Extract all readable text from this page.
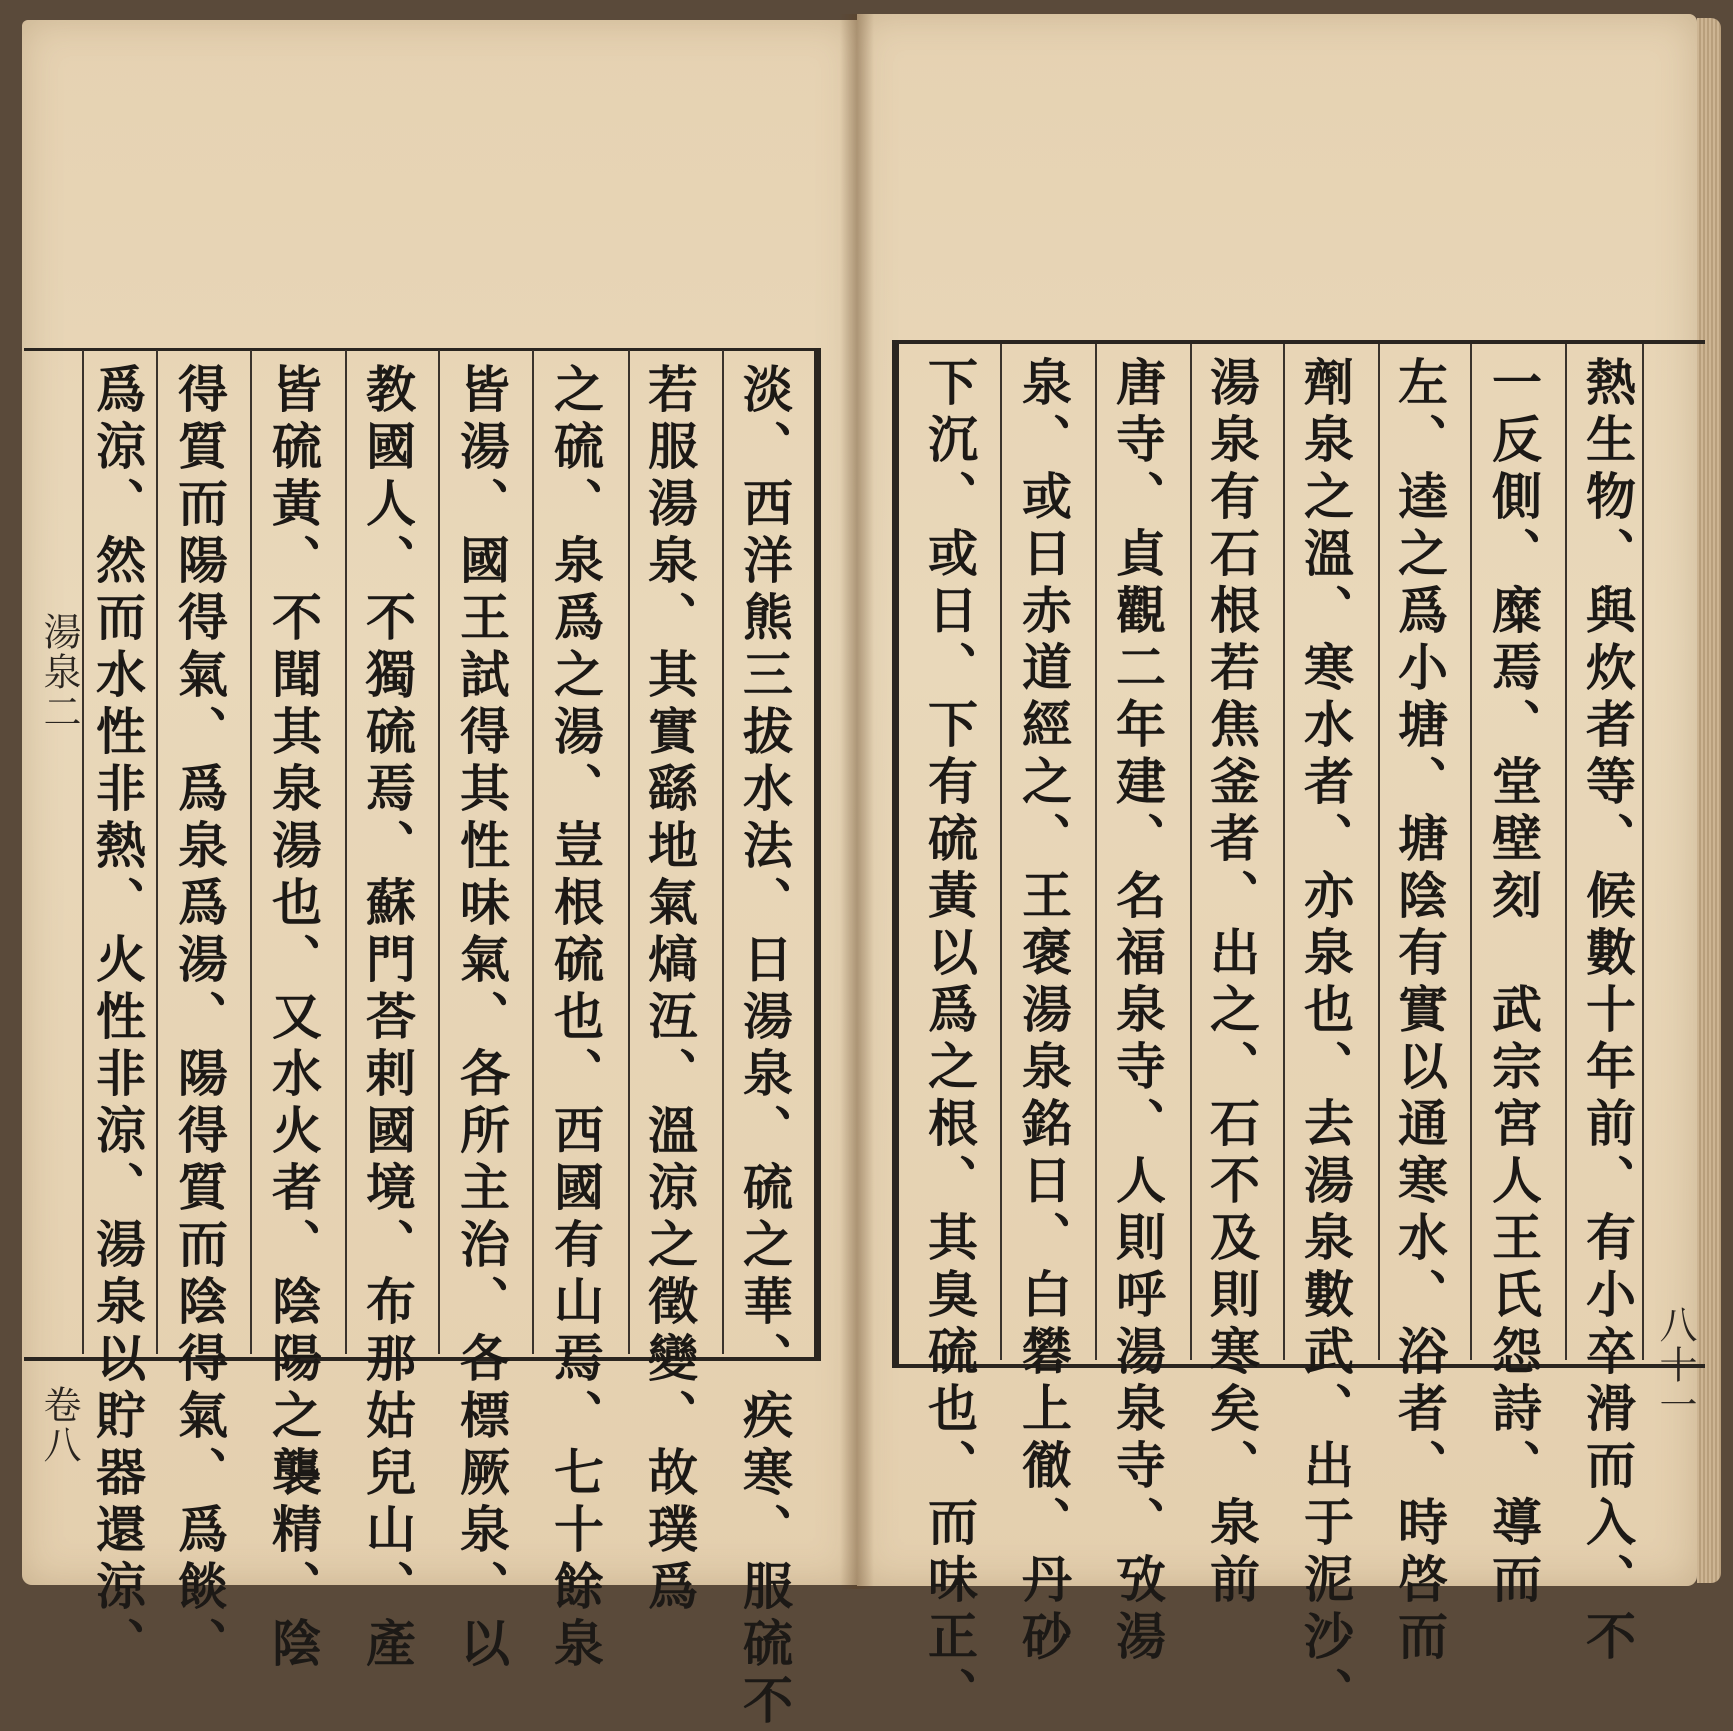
湯泉二
卷八	淡、西洋熊三拔水法、日湯泉、硫之華、疾寒、服硫不
若服湯泉、其實繇地氣熇沍、溫涼之徵變、故璞爲
之硫、泉爲之湯、豈根硫也、西國有山焉、七十餘泉
皆湯、國王試得其性味氣、各所主治、各標厥泉、以
教國人、不獨硫焉、蘇門荅剌國境、布那姑兒山、產
皆硫黃、不聞其泉湯也、又水火者、陰陽之襲精、陰
得質而陽得氣、爲泉爲湯、陽得質而陰得氣、爲餤、
爲涼、然而水性非熱、火性非涼、湯泉以貯器還涼、	八十一
熱生物、與炊者等、候數十年前、有小卒滑而入、不
一反側、糜焉、堂壁刻　武宗宮人王氏怨詩、導而
左、逵之爲小塘、塘陰有實以通寒水、浴者、時啓而
劑泉之溫、寒水者、亦泉也、去湯泉數武、出于泥沙、
湯泉有石根若焦釜者、出之、石不及則寒矣、泉前
唐寺、貞觀二年建、名福泉寺、人則呼湯泉寺、攷湯
泉、或日赤道經之、王褒湯泉銘日、白礬上徹、丹砂
下沉、或日、下有硫黃以爲之根、其臭硫也、而味正、
